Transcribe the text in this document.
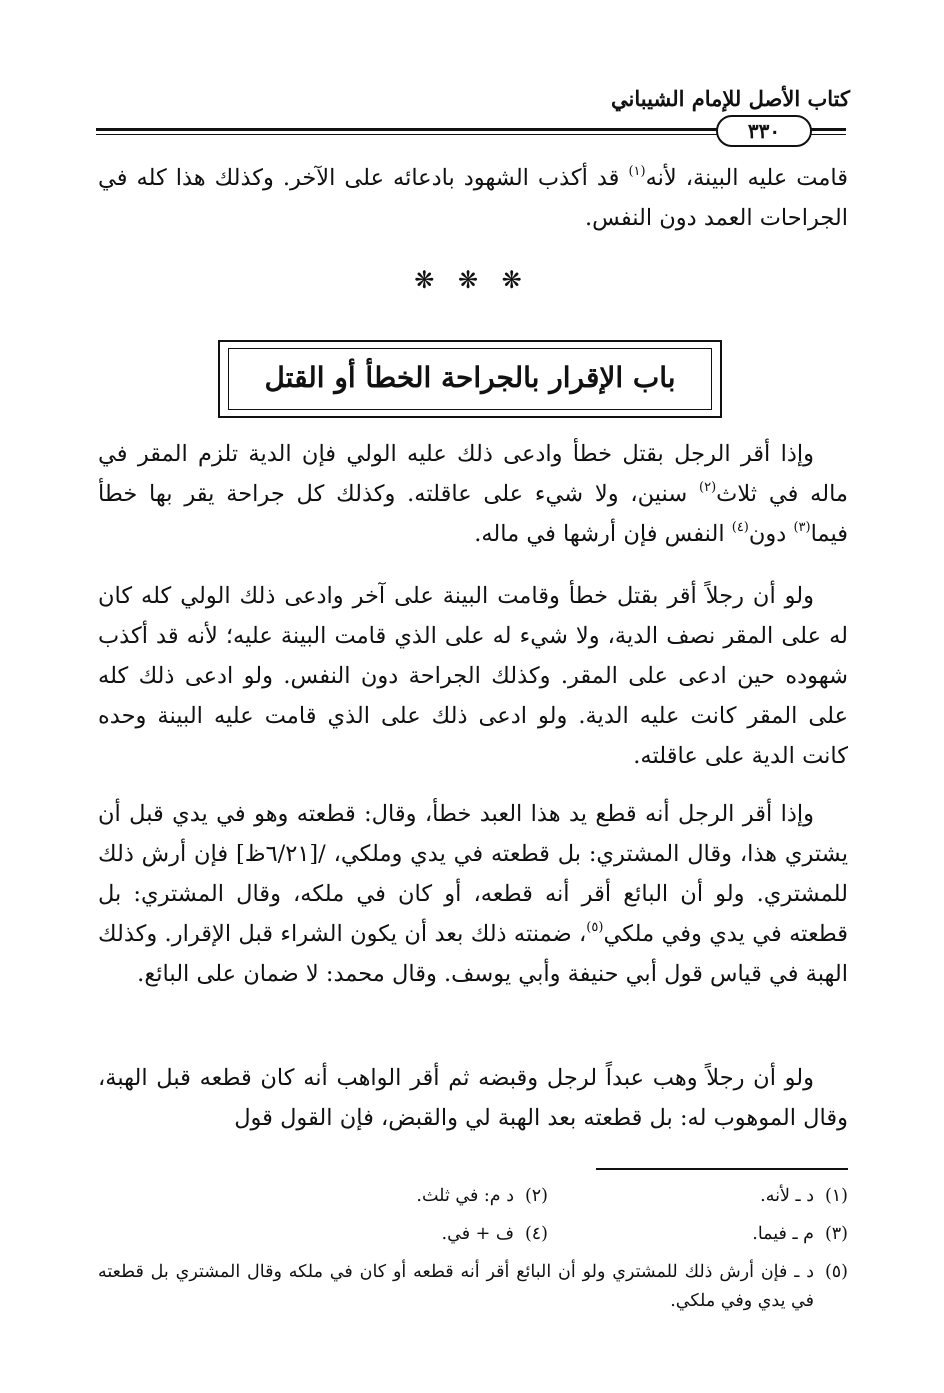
كتاب الأصل للإمام الشيباني
٣٣٠
قامت عليه البينة، لأنه$^{(١)}$ قد أكذب الشهود بادعائه على الآخر. وكذلك هذا كله في الجراحات العمد دون النفس.
❋ ❋ ❋
باب الإقرار بالجراحة الخطأ أو القتل
وإذا أقر الرجل بقتل خطأ وادعى ذلك عليه الولي فإن الدية تلزم المقر في ماله في ثلاث$^{(٢)}$ سنين، ولا شيء على عاقلته. وكذلك كل جراحة يقر بها خطأ فيما$^{(٣)}$ دون$^{(٤)}$ النفس فإن أرشها في ماله.
ولو أن رجلاً أقر بقتل خطأ وقامت البينة على آخر وادعى ذلك الولي كله كان له على المقر نصف الدية، ولا شيء له على الذي قامت البينة عليه؛ لأنه قد أكذب شهوده حين ادعى على المقر. وكذلك الجراحة دون النفس. ولو ادعى ذلك كله على المقر كانت عليه الدية. ولو ادعى ذلك على الذي قامت عليه البينة وحده كانت الدية على عاقلته.
وإذا أقر الرجل أنه قطع يد هذا العبد خطأ، وقال: قطعته وهو في يدي قبل أن يشتري هذا، وقال المشتري: بل قطعته في يدي وملكي، /[٦/٢١ظ] فإن أرش ذلك للمشتري. ولو أن البائع أقر أنه قطعه، أو كان في ملكه، وقال المشتري: بل قطعته في يدي وفي ملكي$^{(٥)}$، ضمنته ذلك بعد أن يكون الشراء قبل الإقرار. وكذلك الهبة في قياس قول أبي حنيفة وأبي يوسف. وقال محمد: لا ضمان على البائع.
ولو أن رجلاً وهب عبداً لرجل وقبضه ثم أقر الواهب أنه كان قطعه قبل الهبة، وقال الموهوب له: بل قطعته بعد الهبة لي والقبض، فإن القول قول
(١)د ـ لأنه.
(٢)د م: في ثلث.
(٣)م ـ فيما.
(٤)ف + في.
(٥)
د ـ فإن أرش ذلك للمشتري ولو أن البائع أقر أنه قطعه أو كان في ملكه وقال المشتري بل قطعته في يدي وفي ملكي.
